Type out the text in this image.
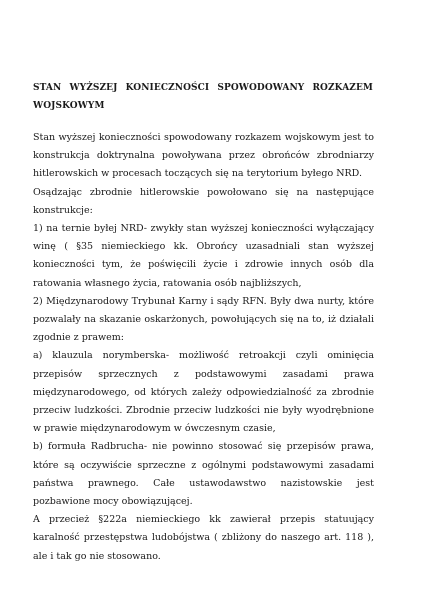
STAN WYŻSZEJ KONIECZNOŚCI SPOWODOWANY ROZKAZEM WOJSKOWYM

Stan wyższej konieczności spowodowany rozkazem wojskowym jest to konstrukcja doktrynalna powoływana przez obrońców zbrodniarzy hitlerowskich w procesach toczących się na terytorium byłego NRD.

Osądzając zbrodnie hitlerowskie powołowano się na następujące konstrukcje:

1) na ternie byłej NRD- zwykły stan wyższej konieczności wyłączający winę ( §35 niemieckiego kk. Obrońcy uzasadniali stan wyższej konieczności tym, że poświęcili życie i zdrowie innych osób dla ratowania własnego życia, ratowania osób najbliższych,

2) Międzynarodowy Trybunał Karny i sądy RFN. Były dwa nurty, które pozwalały na skazanie oskarżonych, powołujących się na to, iż działali zgodnie z prawem:

a) klauzula norymberska- możliwość retroakcji czyli ominięcia przepisów sprzecznych z podstawowymi zasadami prawa międzynarodowego, od których zależy odpowiedzialność za zbrodnie przeciw ludzkości. Zbrodnie przeciw ludzkości nie były wyodrębnione w prawie międzynarodowym w ówczesnym czasie,

b) formuła Radbrucha- nie powinno stosować się przepisów prawa, które są oczywiście sprzeczne z ogólnymi podstawowymi zasadami państwa prawnego. Całe ustawodawstwo nazistowskie jest pozbawione mocy obowiązującej.

A przecież §222a niemieckiego kk zawierał przepis statuujący karalność przestępstwa ludobójstwa ( zbliżony do naszego art. 118 ), ale i tak go nie stosowano.
